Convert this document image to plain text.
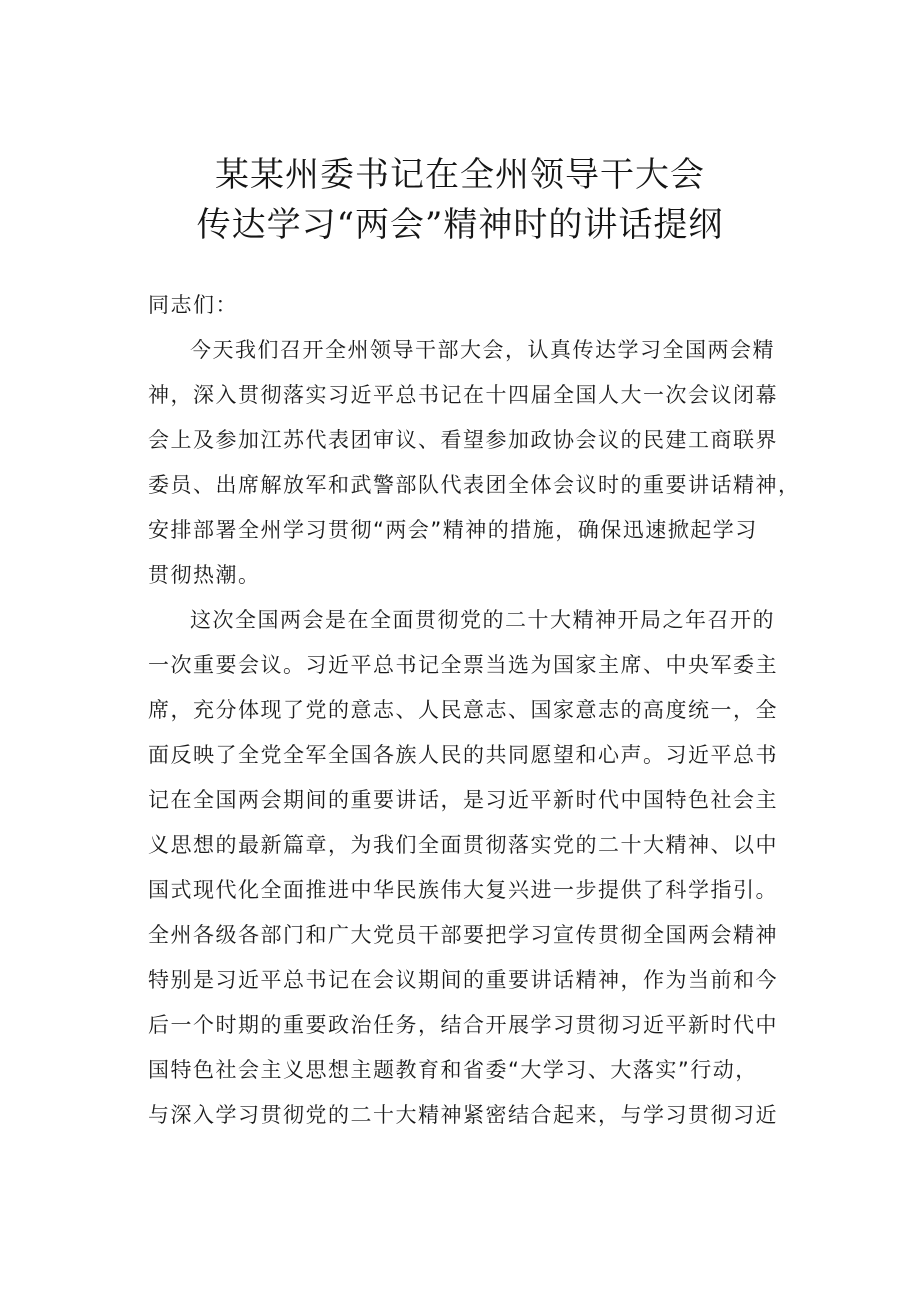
某某州委书记在全州领导干大会
传达学习“两会”精神时的讲话提纲

同志们：

今天我们召开全州领导干部大会，认真传达学习全国两会精
神，深入贯彻落实习近平总书记在十四届全国人大一次会议闭幕
会上及参加江苏代表团审议、看望参加政协会议的民建工商联界
委员、出席解放军和武警部队代表团全体会议时的重要讲话精神，
安排部署全州学习贯彻“两会”精神的措施，确保迅速掀起学习
贯彻热潮。
这次全国两会是在全面贯彻党的二十大精神开局之年召开的
一次重要会议。习近平总书记全票当选为国家主席、中央军委主
席，充分体现了党的意志、人民意志、国家意志的高度统一，全
面反映了全党全军全国各族人民的共同愿望和心声。习近平总书
记在全国两会期间的重要讲话，是习近平新时代中国特色社会主
义思想的最新篇章，为我们全面贯彻落实党的二十大精神、以中
国式现代化全面推进中华民族伟大复兴进一步提供了科学指引。
全州各级各部门和广大党员干部要把学习宣传贯彻全国两会精神
特别是习近平总书记在会议期间的重要讲话精神，作为当前和今
后一个时期的重要政治任务，结合开展学习贯彻习近平新时代中
国特色社会主义思想主题教育和省委“大学习、大落实”行动，
与深入学习贯彻党的二十大精神紧密结合起来，与学习贯彻习近
